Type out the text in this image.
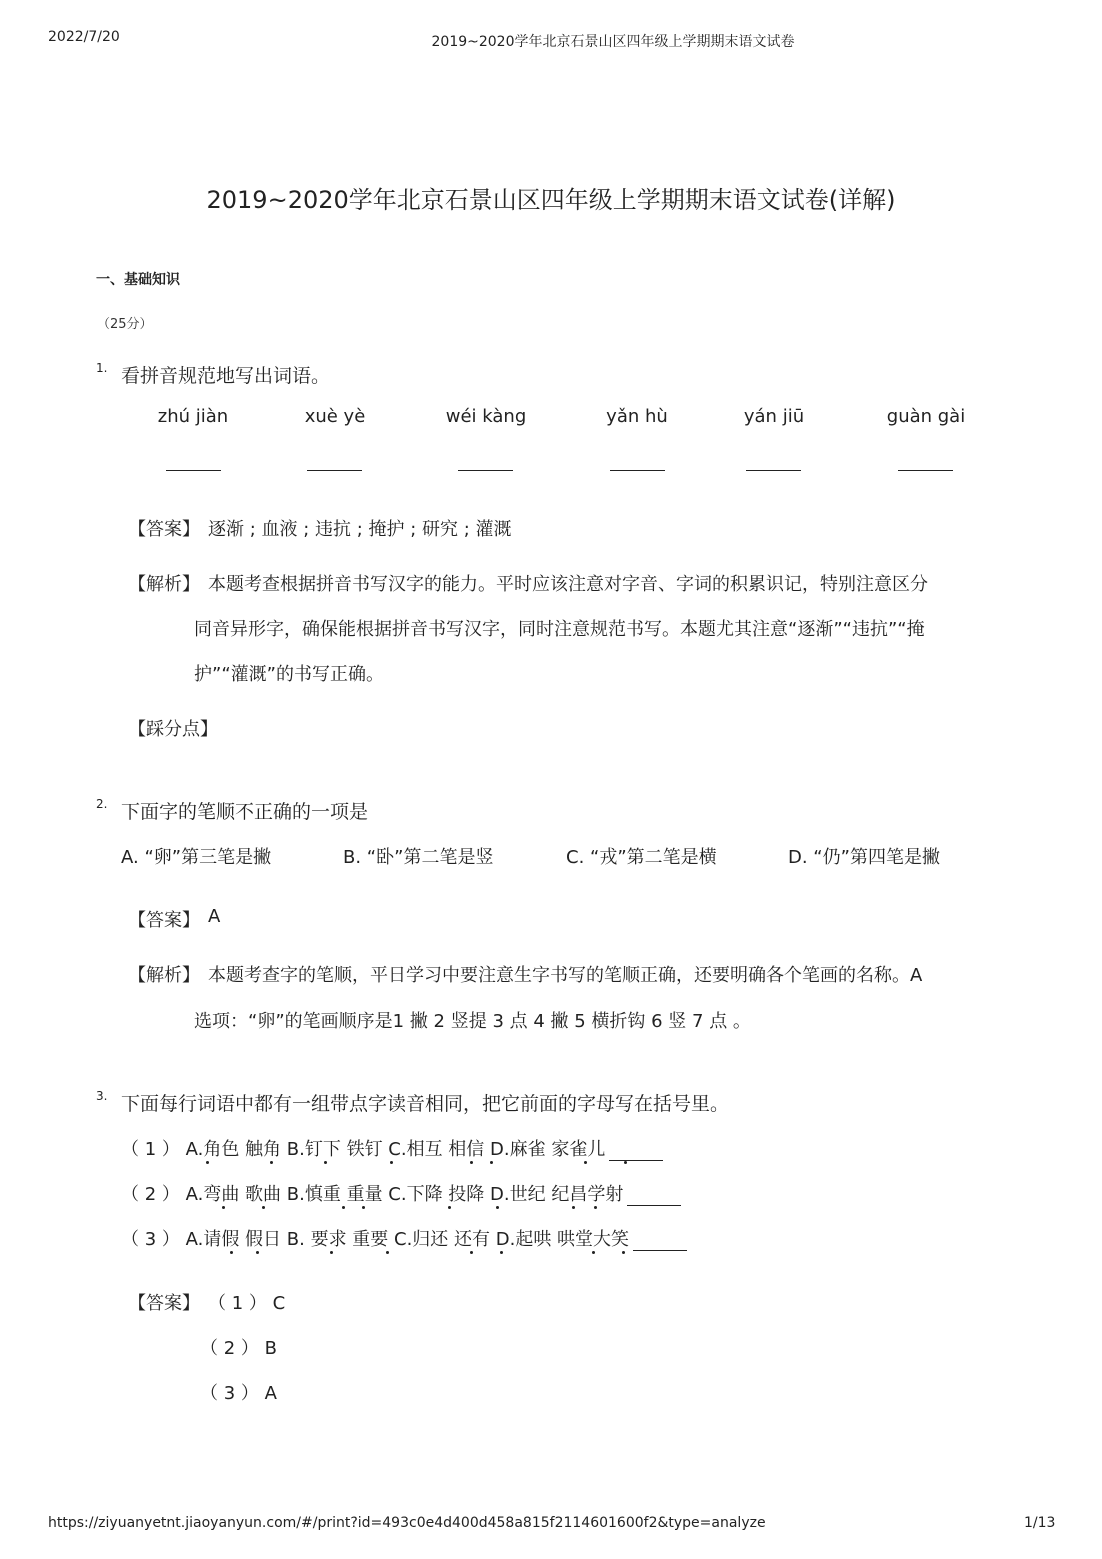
2022/7/20	2019~2020学年北京石景山区四年级上学期期末语文试卷
2019~2020学年北京石景山区四年级上学期期末语文试卷(详解)
一、基础知识
（25分）
1. 看拼音规范地写出词语。
zhú jiàn	xuè yè	wéi kàng	yǎn hù	yán jiū	guàn gài
【答案】 逐渐 ; 血液 ; 违抗 ; 掩护 ; 研究 ; 灌溉
【解析】 本题考查根据拼音书写汉字的能力。平时应该注意对字音、字词的积累识记，特别注意区分
同音异形字，确保能根据拼音书写汉字，同时注意规范书写。本题尤其注意“逐渐”“违抗”“掩
护”“灌溉”的书写正确。
【踩分点】
2. 下面字的笔顺不正确的一项是
A. “卵”第三笔是撇	B. “卧”第二笔是竖	C. “戎”第二笔是横	D. “仍”第四笔是撇
【答案】 A
【解析】 本题考查字的笔顺，平日学习中要注意生字书写的笔顺正确，还要明确各个笔画的名称。A
选项：“卵”的笔画顺序是1 撇 2 竖提 3 点 4 撇 5 横折钩 6 竖 7 点 。
3. 下面每行词语中都有一组带点字读音相同，把它前面的字母写在括号里。
（ 1 ） A.角色 触角 B.钉下 铁钉 C.相互 相信 D.麻雀 家雀儿
（ 2 ） A.弯曲 歌曲 B.慎重 重量 C.下降 投降 D.世纪 纪昌学射
（ 3 ） A.请假 假日 B. 要求 重要 C.归还 还有 D.起哄 哄堂大笑
【答案】 （ 1 ） C
（ 2 ） B
（ 3 ） A
https://ziyuanyetnt.jiaoyanyun.com/#/print?id=493c0e4d400d458a815f2114601600f2&type=analyze	1/13
